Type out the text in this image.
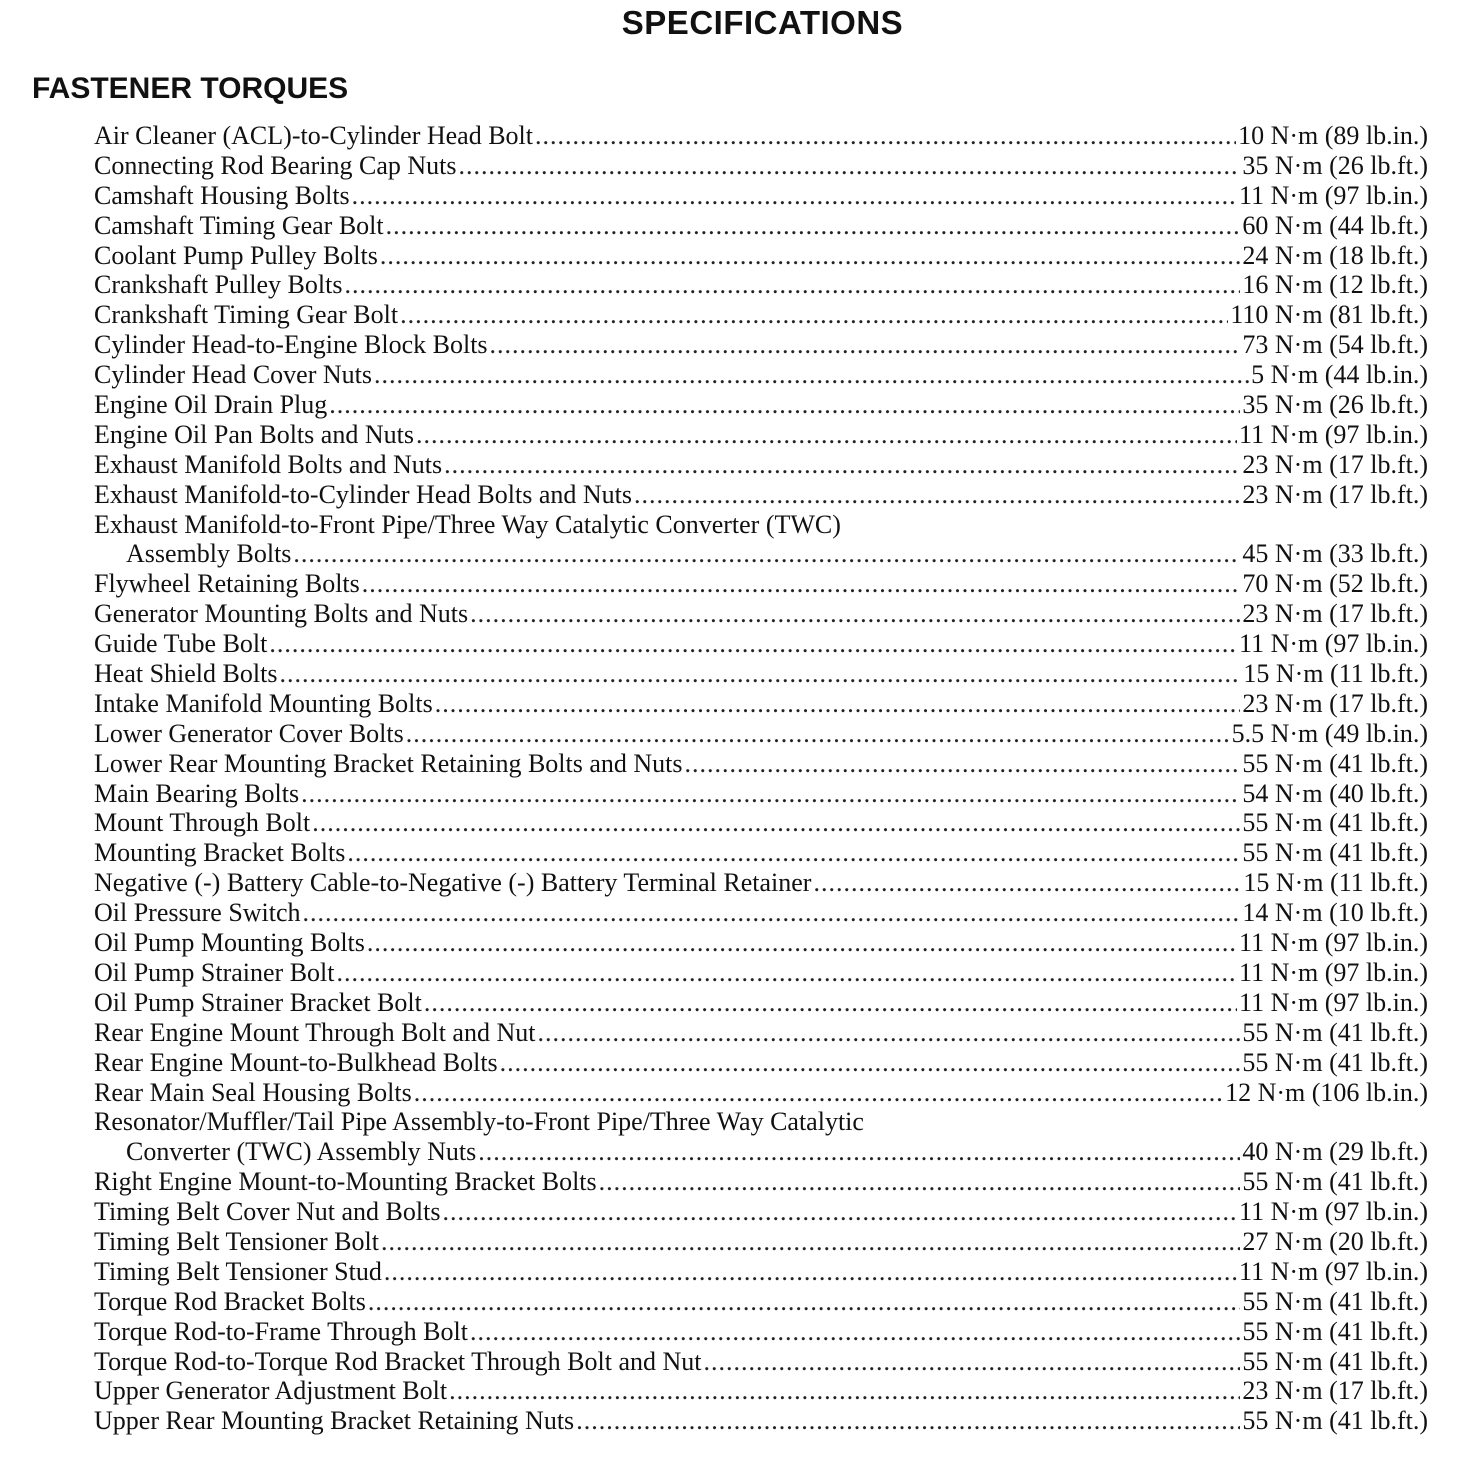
SPECIFICATIONS
FASTENER TORQUES
Air Cleaner (ACL)-to-Cylinder Head Bolt .....	10 N·m (89 lb.in.)
Connecting Rod Bearing Cap Nuts .....	35 N·m (26 lb.ft.)
Camshaft Housing Bolts .....	11 N·m (97 lb.in.)
Camshaft Timing Gear Bolt .....	60 N·m (44 lb.ft.)
Coolant Pump Pulley Bolts .....	24 N·m (18 lb.ft.)
Crankshaft Pulley Bolts .....	16 N·m (12 lb.ft.)
Crankshaft Timing Gear Bolt .....	110 N·m (81 lb.ft.)
Cylinder Head-to-Engine Block Bolts .....	73 N·m (54 lb.ft.)
Cylinder Head Cover Nuts .....	5 N·m (44 lb.in.)
Engine Oil Drain Plug .....	35 N·m (26 lb.ft.)
Engine Oil Pan Bolts and Nuts .....	11 N·m (97 lb.in.)
Exhaust Manifold Bolts and Nuts .....	23 N·m (17 lb.ft.)
Exhaust Manifold-to-Cylinder Head Bolts and Nuts .....	23 N·m (17 lb.ft.)
Exhaust Manifold-to-Front Pipe/Three Way Catalytic Converter (TWC)
Assembly Bolts .....	45 N·m (33 lb.ft.)
Flywheel Retaining Bolts .....	70 N·m (52 lb.ft.)
Generator Mounting Bolts and Nuts .....	23 N·m (17 lb.ft.)
Guide Tube Bolt .....	11 N·m (97 lb.in.)
Heat Shield Bolts .....	15 N·m (11 lb.ft.)
Intake Manifold Mounting Bolts .....	23 N·m (17 lb.ft.)
Lower Generator Cover Bolts .....	5.5 N·m (49 lb.in.)
Lower Rear Mounting Bracket Retaining Bolts and Nuts .....	55 N·m (41 lb.ft.)
Main Bearing Bolts .....	54 N·m (40 lb.ft.)
Mount Through Bolt .....	55 N·m (41 lb.ft.)
Mounting Bracket Bolts .....	55 N·m (41 lb.ft.)
Negative (-) Battery Cable-to-Negative (-) Battery Terminal Retainer .....	15 N·m (11 lb.ft.)
Oil Pressure Switch .....	14 N·m (10 lb.ft.)
Oil Pump Mounting Bolts .....	11 N·m (97 lb.in.)
Oil Pump Strainer Bolt .....	11 N·m (97 lb.in.)
Oil Pump Strainer Bracket Bolt .....	11 N·m (97 lb.in.)
Rear Engine Mount Through Bolt and Nut .....	55 N·m (41 lb.ft.)
Rear Engine Mount-to-Bulkhead Bolts .....	55 N·m (41 lb.ft.)
Rear Main Seal Housing Bolts .....	12 N·m (106 lb.in.)
Resonator/Muffler/Tail Pipe Assembly-to-Front Pipe/Three Way Catalytic
Converter (TWC) Assembly Nuts .....	40 N·m (29 lb.ft.)
Right Engine Mount-to-Mounting Bracket Bolts .....	55 N·m (41 lb.ft.)
Timing Belt Cover Nut and Bolts .....	11 N·m (97 lb.in.)
Timing Belt Tensioner Bolt .....	27 N·m (20 lb.ft.)
Timing Belt Tensioner Stud .....	11 N·m (97 lb.in.)
Torque Rod Bracket Bolts .....	55 N·m (41 lb.ft.)
Torque Rod-to-Frame Through Bolt .....	55 N·m (41 lb.ft.)
Torque Rod-to-Torque Rod Bracket Through Bolt and Nut .....	55 N·m (41 lb.ft.)
Upper Generator Adjustment Bolt .....	23 N·m (17 lb.ft.)
Upper Rear Mounting Bracket Retaining Nuts .....	55 N·m (41 lb.ft.)
